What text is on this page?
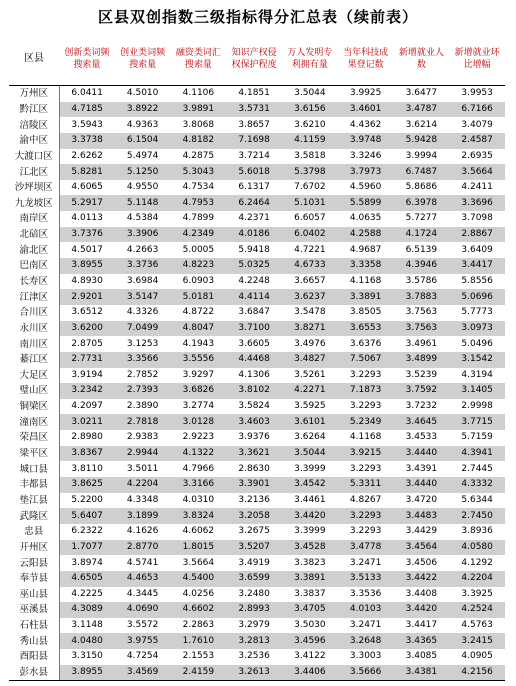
区县双创指数三级指标得分汇总表（续前表）
区县	创新类词频搜索量	创业类词频搜索量	融资类词汇搜索量	知识产权侵权保护程度	万人发明专利拥有量	当年科技成果登记数	新增就业人数	新增就业环比增幅
万州区	6.0411	4.5010	4.1106	4.1851	3.5044	3.9925	3.6477	3.9953
黔江区	4.7185	3.8922	3.9891	3.5731	3.6156	3.4601	3.4787	6.7166
涪陵区	3.5943	4.9363	3.8068	3.8657	3.6210	4.4362	3.6214	3.4079
渝中区	3.3738	6.1504	4.8182	7.1698	4.1159	3.9748	5.9428	2.4587
大渡口区	2.6262	5.4974	4.2875	3.7214	3.5818	3.3246	3.9994	2.6935
江北区	5.8281	5.1250	5.3043	5.6018	5.3798	3.7973	6.7487	3.5664
沙坪坝区	4.6065	4.9550	4.7534	6.1317	7.6702	4.5960	5.8686	4.2411
九龙坡区	5.2917	5.1148	4.7953	6.2464	5.1031	5.5899	6.3978	3.3696
南岸区	4.0113	4.5384	4.7899	4.2371	6.6057	4.0635	5.7277	3.7098
北碚区	3.7376	3.3906	4.2349	4.0186	6.0402	4.2588	4.1724	2.8867
渝北区	4.5017	4.2663	5.0005	5.9418	4.7221	4.9687	6.5139	3.6409
巴南区	3.8955	3.3736	4.8223	5.0325	4.6733	3.3358	4.3946	3.4417
长寿区	4.8930	3.6984	6.0903	4.2248	3.6657	4.1168	3.5786	5.8556
江津区	2.9201	3.5147	5.0181	4.4114	3.6237	3.3891	3.7883	5.0696
合川区	3.6512	4.3326	4.8722	3.6847	3.5478	3.8505	3.7563	5.7773
永川区	3.6200	7.0499	4.8047	3.7100	3.8271	3.6553	3.7563	3.0973
南川区	2.8705	3.1253	4.1943	3.6605	3.4976	3.6376	3.4961	5.0496
綦江区	2.7731	3.3566	3.5556	4.4468	3.4827	7.5067	3.4899	3.1542
大足区	3.9194	2.7852	3.9297	4.1306	3.5261	3.2293	3.5239	4.3194
璧山区	3.2342	2.7393	3.6826	3.8102	4.2271	7.1873	3.7592	3.1405
铜梁区	4.2097	2.3890	3.2774	3.5824	3.5925	3.2293	3.7232	2.9998
潼南区	3.0211	2.7818	3.0128	3.4603	3.6101	5.2349	3.4645	3.7715
荣昌区	2.8980	2.9383	2.9223	3.9376	3.6264	4.1168	3.4533	5.7159
梁平区	3.8367	2.9944	4.1322	3.3621	3.5044	3.9215	3.4440	4.3941
城口县	3.8110	3.5011	4.7966	2.8630	3.3999	3.2293	3.4391	2.7445
丰都县	3.8625	4.2204	3.3166	3.3901	3.4542	5.3311	3.4440	4.3332
垫江县	5.2200	4.3348	4.0310	3.2136	3.4461	4.8267	3.4720	5.6344
武隆区	5.6407	3.1899	3.8324	3.2058	3.4420	3.2293	3.4483	2.7450
忠县	6.2322	4.1626	4.6062	3.2675	3.3999	3.2293	3.4429	3.8936
开州区	1.7077	2.8770	1.8015	3.5207	3.4528	3.4778	3.4564	4.0580
云阳县	3.8974	4.5741	3.5664	3.4919	3.3823	3.2471	3.4506	4.1292
奉节县	4.6505	4.4653	4.5400	3.6599	3.3891	3.5133	3.4422	4.2204
巫山县	4.2225	4.3445	4.0256	3.2480	3.3837	3.3536	3.4408	3.3925
巫溪县	4.3089	4.0690	4.6602	2.8993	3.4705	4.0103	3.4420	4.2524
石柱县	3.1148	3.5572	2.2863	3.2979	3.5030	3.2471	3.4417	4.5763
秀山县	4.0480	3.9755	1.7610	3.2813	3.4596	3.2648	3.4365	3.2415
酉阳县	3.3150	4.7254	2.1553	3.2536	3.4122	3.3003	3.4085	4.0905
彭水县	3.8955	3.4569	2.4159	3.2613	3.4406	3.5666	3.4381	4.2156
